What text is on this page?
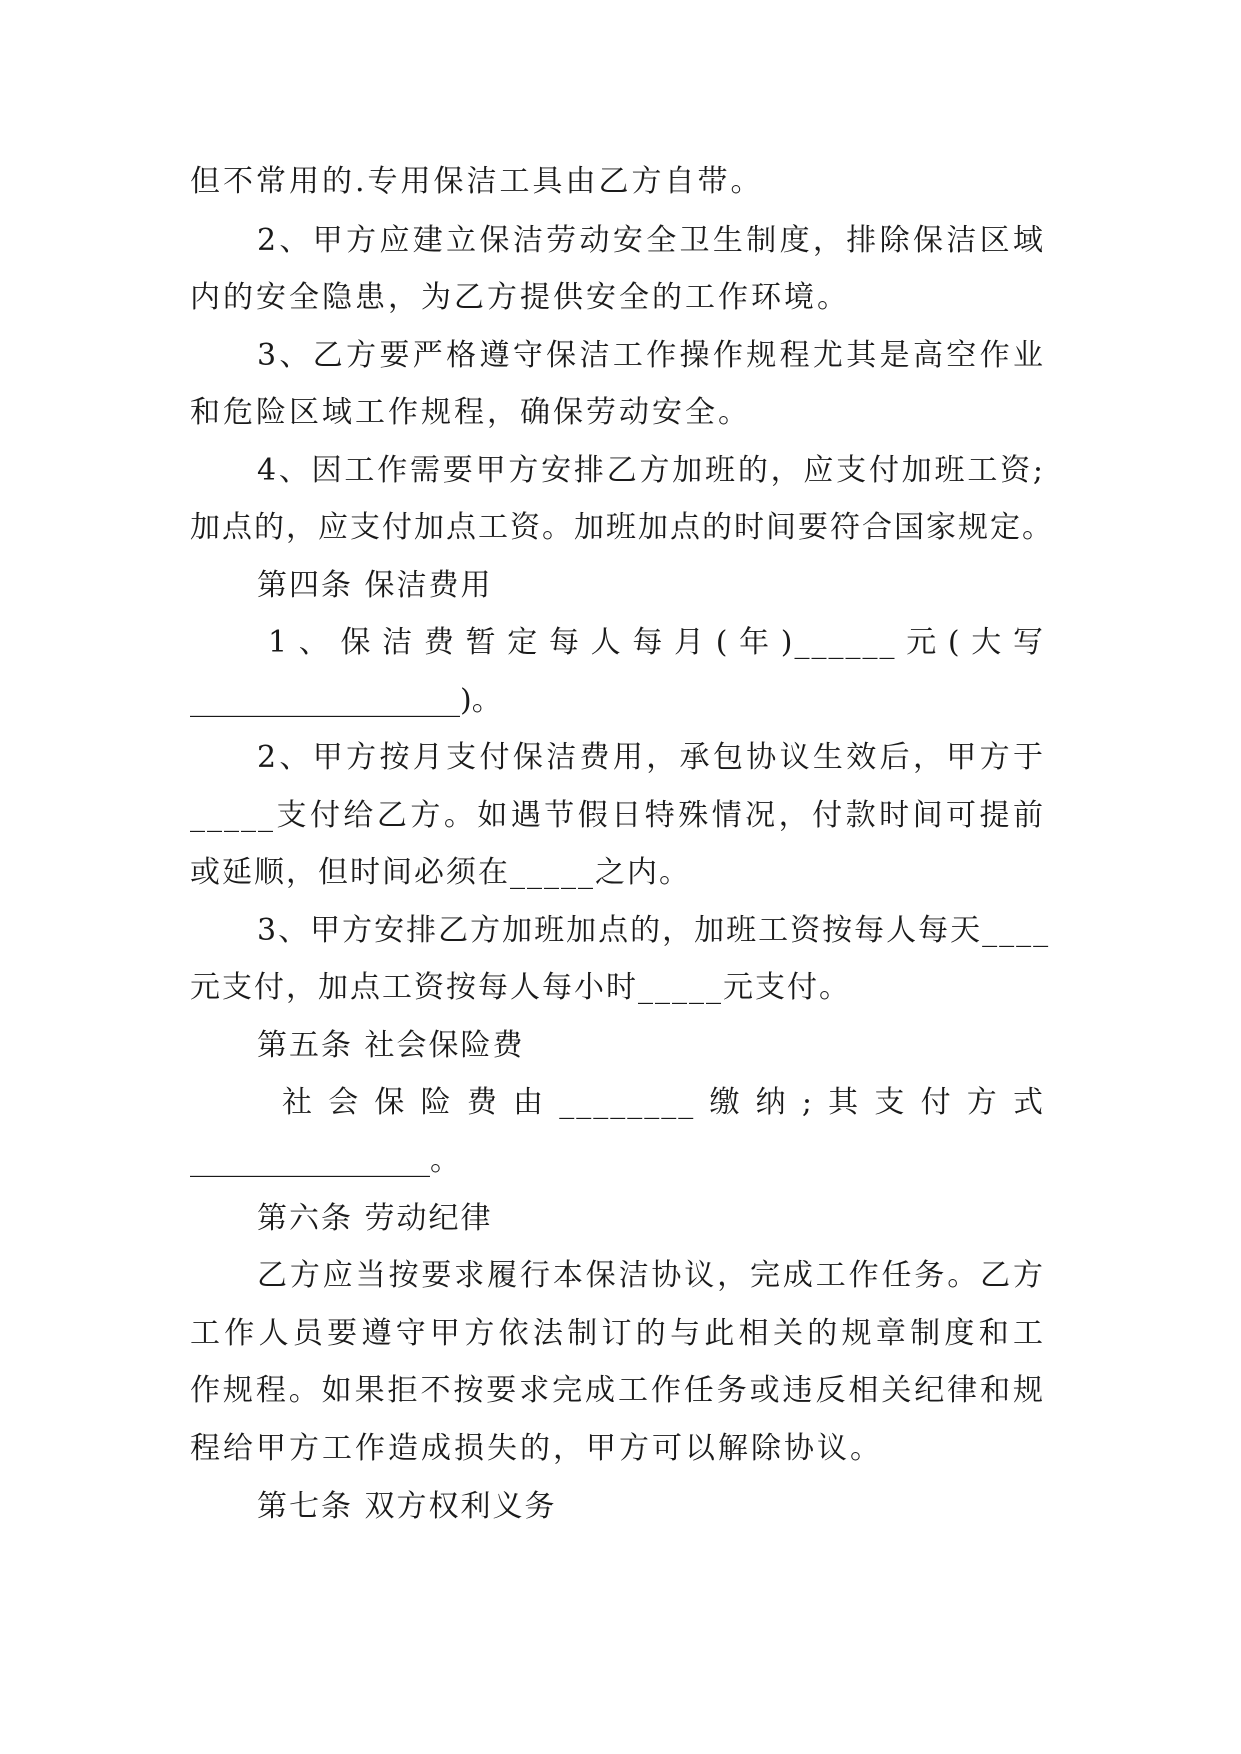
但不常用的.专用保洁工具由乙方自带。
2、甲方应建立保洁劳动安全卫生制度，排除保洁区域
内的安全隐患，为乙方提供安全的工作环境。
3、乙方要严格遵守保洁工作操作规程尤其是高空作业
和危险区域工作规程，确保劳动安全。
4、因工作需要甲方安排乙方加班的，应支付加班工资;
加点的，应支付加点工资。加班加点的时间要符合国家规定。
第四条 保洁费用
1、保洁费暂定每人每月(年)______元(大写
__________________)。
2、甲方按月支付保洁费用，承包协议生效后，甲方于
_____支付给乙方。如遇节假日特殊情况，付款时间可提前
或延顺，但时间必须在_____之内。
3、甲方安排乙方加班加点的，加班工资按每人每天____
元支付，加点工资按每人每小时_____元支付。
第五条 社会保险费
社会保险费由________缴纳;其支付方式
________________。
第六条 劳动纪律
乙方应当按要求履行本保洁协议，完成工作任务。乙方
工作人员要遵守甲方依法制订的与此相关的规章制度和工
作规程。如果拒不按要求完成工作任务或违反相关纪律和规
程给甲方工作造成损失的，甲方可以解除协议。
第七条 双方权利义务
